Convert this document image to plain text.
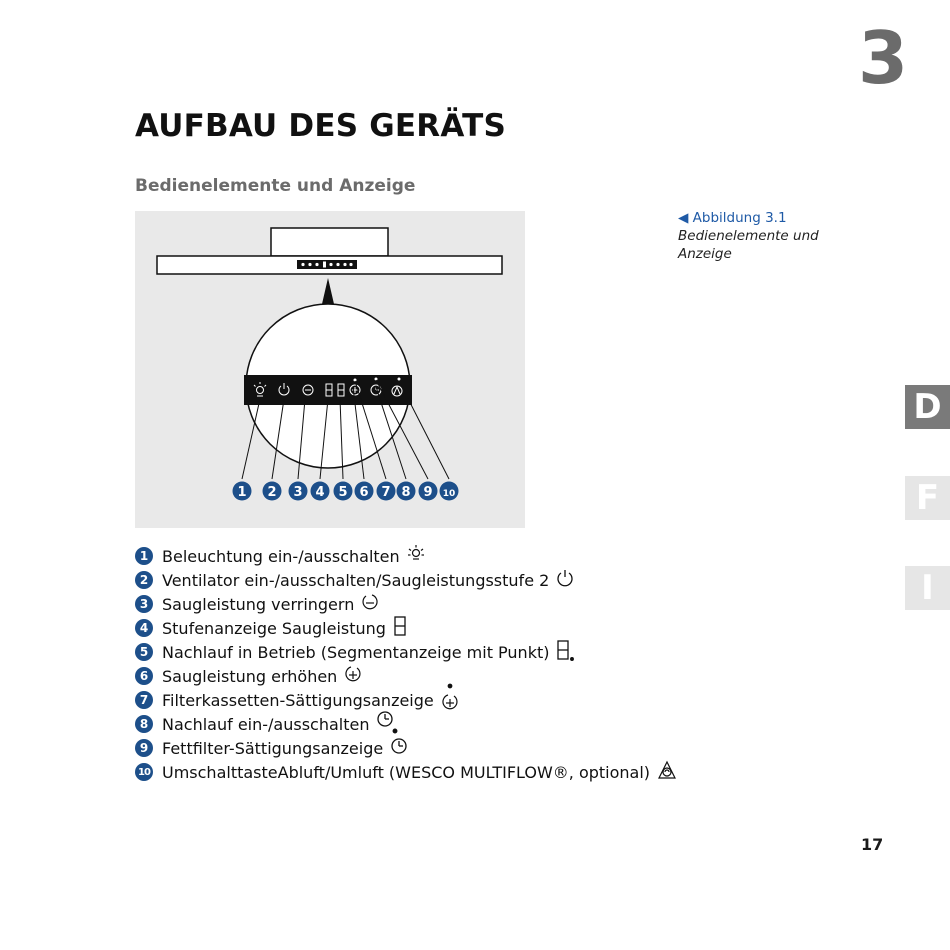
3
AUFBAU DES GERÄTS
Bedienelemente und Anzeige
1 2 3 4 5 6 7 8 9 10
◀ Abbildung 3.1
Bedienelemente und
Anzeige
D
F
I
1 Beleuchtung ein-/ausschalten
2 Ventilator ein-/ausschalten/Saugleistungsstufe 2
3 Saugleistung verringern
4 Stufenanzeige Saugleistung
5 Nachlauf in Betrieb (Segmentanzeige mit Punkt)
6 Saugleistung erhöhen
7 Filterkassetten-Sättigungsanzeige
8 Nachlauf ein-/ausschalten
9 Fettfilter-Sättigungsanzeige
10 UmschalttasteAbluft/Umluft (WESCO MULTIFLOW®, optional)
17
